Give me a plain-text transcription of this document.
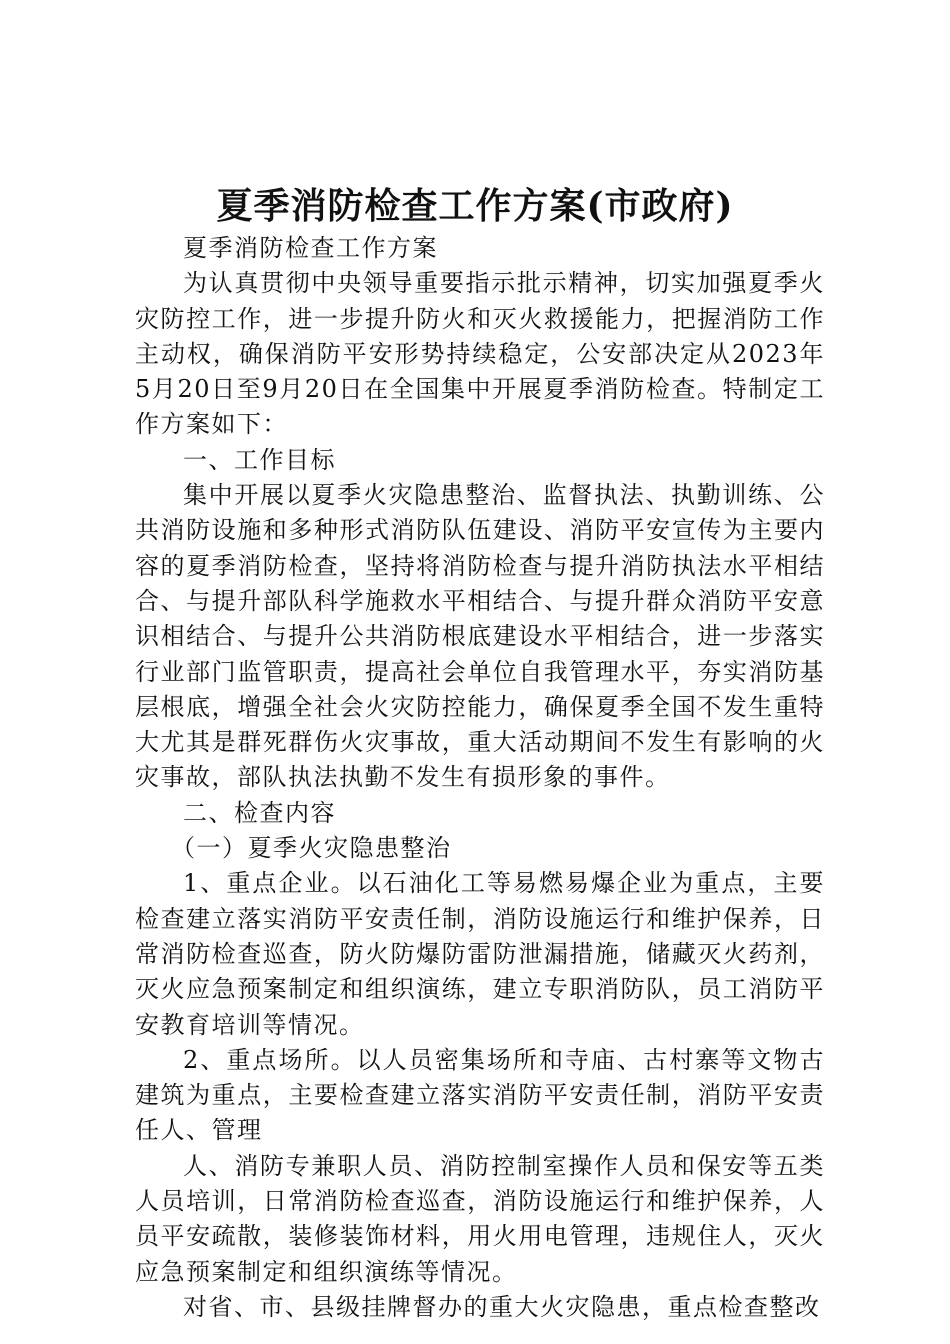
夏季消防检查工作方案(市政府)

夏季消防检查工作方案

为认真贯彻中央领导重要指示批示精神，切实加强夏季火灾防控工作，进一步提升防火和灭火救援能力，把握消防工作主动权，确保消防平安形势持续稳定，公安部决定从2023年5月20日至9月20日在全国集中开展夏季消防检查。特制定工作方案如下：

一、工作目标

集中开展以夏季火灾隐患整治、监督执法、执勤训练、公共消防设施和多种形式消防队伍建设、消防平安宣传为主要内容的夏季消防检查，坚持将消防检查与提升消防执法水平相结合、与提升部队科学施救水平相结合、与提升群众消防平安意识相结合、与提升公共消防根底建设水平相结合，进一步落实行业部门监管职责，提高社会单位自我管理水平，夯实消防基层根底，增强全社会火灾防控能力，确保夏季全国不发生重特大尤其是群死群伤火灾事故，重大活动期间不发生有影响的火灾事故，部队执法执勤不发生有损形象的事件。

二、检查内容

（一）夏季火灾隐患整治

1、重点企业。以石油化工等易燃易爆企业为重点，主要检查建立落实消防平安责任制，消防设施运行和维护保养，日常消防检查巡查，防火防爆防雷防泄漏措施，储藏灭火药剂，灭火应急预案制定和组织演练，建立专职消防队，员工消防平安教育培训等情况。

2、重点场所。以人员密集场所和寺庙、古村寨等文物古建筑为重点，主要检查建立落实消防平安责任制，消防平安责任人、管理

人、消防专兼职人员、消防控制室操作人员和保安等五类人员培训，日常消防检查巡查，消防设施运行和维护保养，人员平安疏散，装修装饰材料，用火用电管理，违规住人，灭火应急预案制定和组织演练等情况。

对省、市、县级挂牌督办的重大火灾隐患，重点检查整改
